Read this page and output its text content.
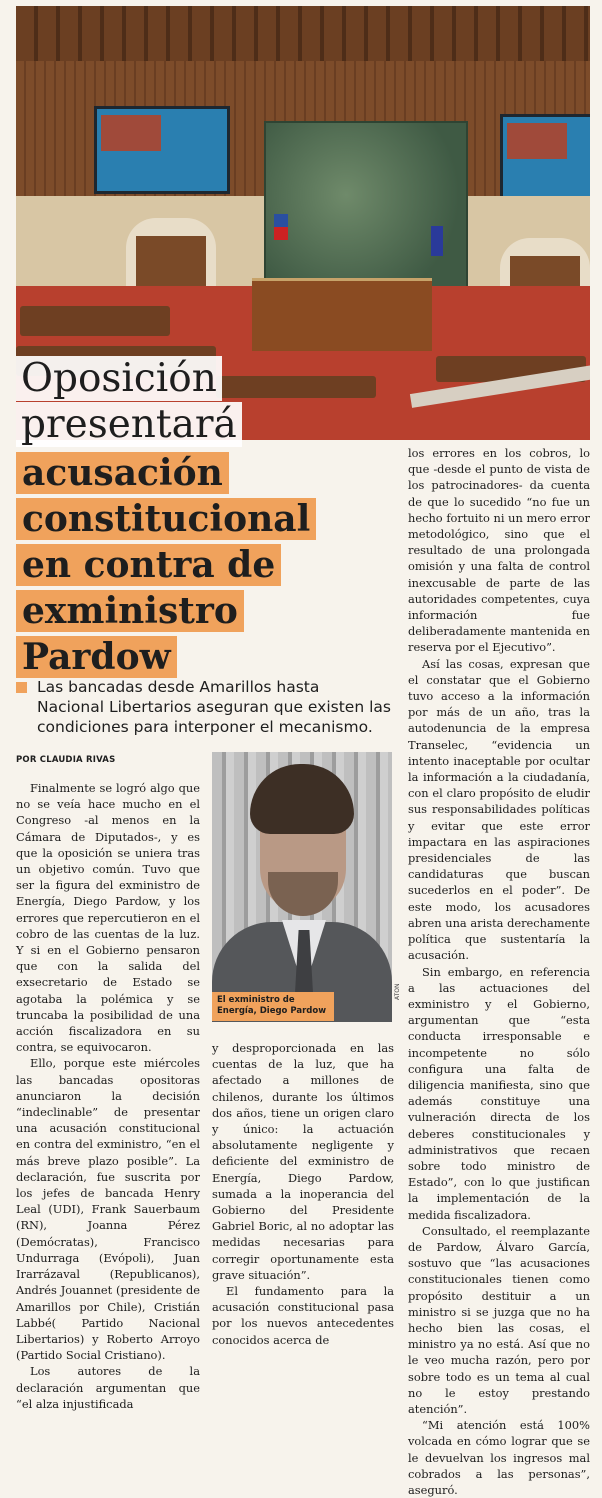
Oposición
presentará
acusación
constitucional
en contra de
exministro Pardow
Las bancadas desde Amarillos hasta Nacional Libertarios aseguran que existen las condiciones para interponer el mecanismo.
POR CLAUDIA RIVAS

Finalmente se logró algo que no se veía hace mucho en el Congreso -al menos en la Cámara de Diputados-, y es que la oposición se uniera tras un objetivo común. Tuvo que ser la figura del exministro de Energía, Diego Pardow, y los errores que repercutieron en el cobro de las cuentas de la luz. Y si en el Gobierno pensaron que con la salida del exsecretario de Estado se agotaba la polémica y se truncaba la posibilidad de una acción fiscalizadora en su contra, se equivocaron.

Ello, porque este miércoles las bancadas opositoras anunciaron la decisión “indeclinable” de presentar una acusación constitucional en contra del exministro, “en el más breve plazo posible”. La declaración, fue suscrita por los jefes de bancada Henry Leal (UDI), Frank Sauerbaum (RN), Joanna Pérez (Demócratas), Francisco Undurraga (Evópoli), Juan Irarrázaval (Republicanos), Andrés Jouannet (presidente de Amarillos por Chile), Cristián Labbé( Partido Nacional Libertarios) y Roberto Arroyo (Partido Social Cristiano).

Los autores de la declaración argumentan que “el alza injustificada

El exministro de Energía, Diego Pardow
ATON

y desproporcionada en las cuentas de la luz, que ha afectado a millones de chilenos, durante los últimos dos años, tiene un origen claro y único: la actuación absolutamente negligente y deficiente del exministro de Energía, Diego Pardow, sumada a la inoperancia del Gobierno del Presidente Gabriel Boric, al no adoptar las medidas necesarias para corregir oportunamente esta grave situación”.

El fundamento para la acusación constitucional pasa por los nuevos antecedentes conocidos acerca de

los errores en los cobros, lo que -desde el punto de vista de los patrocinadores- da cuenta de que lo sucedido “no fue un hecho fortuito ni un mero error metodológico, sino que el resultado de una prolongada omisión y una falta de control inexcusable de parte de las autoridades competentes, cuya información fue deliberadamente mantenida en reserva por el Ejecutivo”.

Así las cosas, expresan que el constatar que el Gobierno tuvo acceso a la información por más de un año, tras la autodenuncia de la empresa Transelec, “evidencia un intento inaceptable por ocultar la información a la ciudadanía, con el claro propósito de eludir sus responsabilidades políticas y evitar que este error impactara en las aspiraciones presidenciales de las candidaturas que buscan sucederlos en el poder”. De este modo, los acusadores abren una arista derechamente política que sustentaría la acusación.

Sin embargo, en referencia a las actuaciones del exministro y el Gobierno, argumentan que “esta conducta irresponsable e incompetente no sólo configura una falta de diligencia manifiesta, sino que además constituye una vulneración directa de los deberes constitucionales y administrativos que recaen sobre todo ministro de Estado”, con lo que justifican la implementación de la medida fiscalizadora.

Consultado, el reemplazante de Pardow, Álvaro García, sostuvo que “las acusaciones constitucionales tienen como propósito destituir a un ministro si se juzga que no ha hecho bien las cosas, el ministro ya no está. Así que no le veo mucha razón, pero por sobre todo es un tema al cual no le estoy prestando atención”.

“Mi atención está 100% volcada en cómo lograr que se le devuelvan los ingresos mal cobrados a las personas”, aseguró.
